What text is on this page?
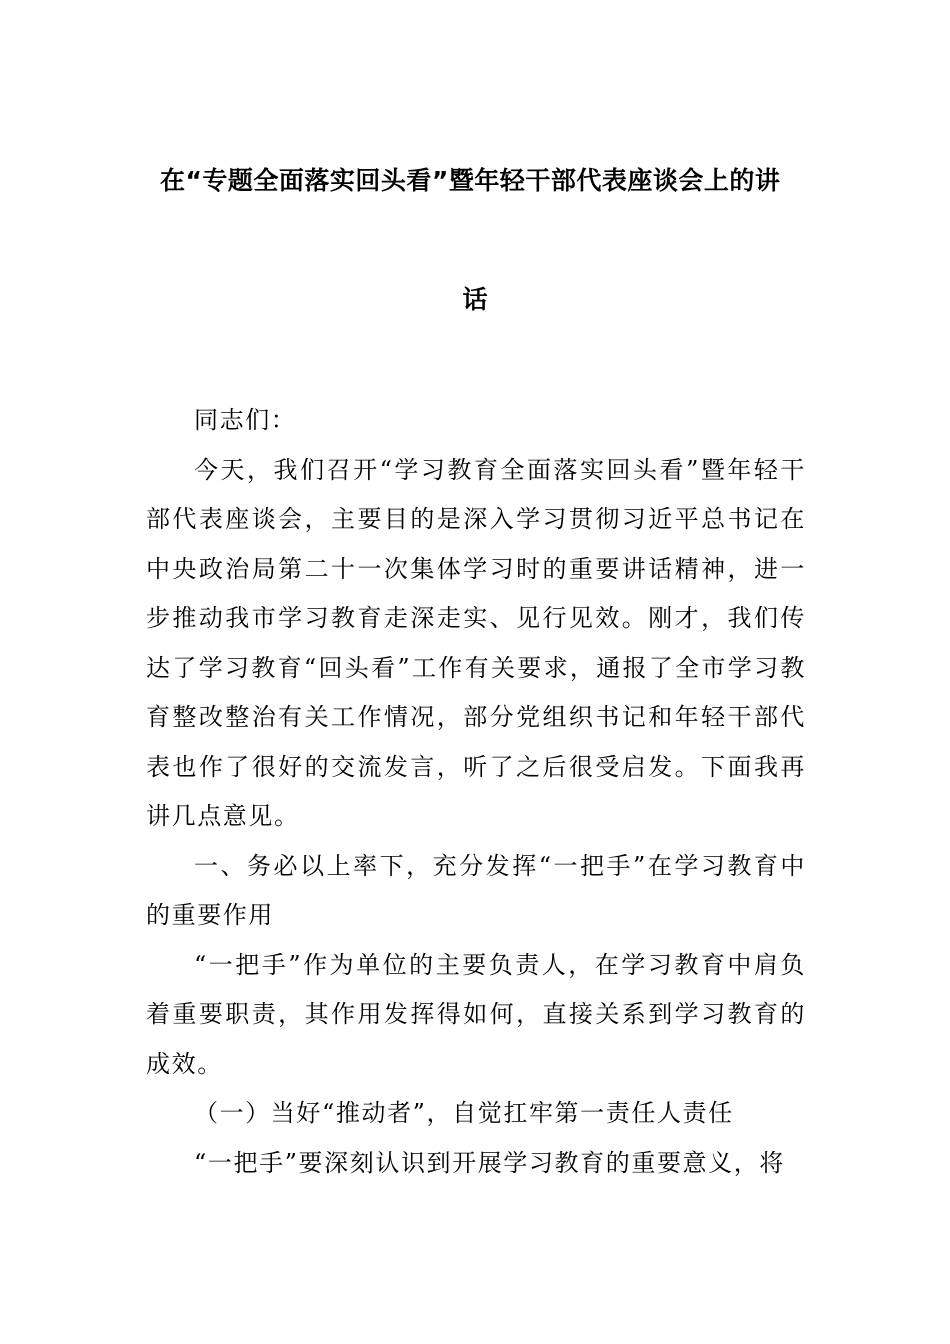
在“专题全面落实回头看”暨年轻干部代表座谈会上的讲
话

同志们：

今天，我们召开“学习教育全面落实回头看”暨年轻干部代表座谈会，主要目的是深入学习贯彻习近平总书记在中央政治局第二十一次集体学习时的重要讲话精神，进一步推动我市学习教育走深走实、见行见效。刚才，我们传达了学习教育“回头看”工作有关要求，通报了全市学习教育整改整治有关工作情况，部分党组织书记和年轻干部代表也作了很好的交流发言，听了之后很受启发。下面我再讲几点意见。

一、务必以上率下，充分发挥“一把手”在学习教育中的重要作用

“一把手”作为单位的主要负责人，在学习教育中肩负着重要职责，其作用发挥得如何，直接关系到学习教育的成效。

（一）当好“推动者”，自觉扛牢第一责任人责任

“一把手”要深刻认识到开展学习教育的重要意义，将
